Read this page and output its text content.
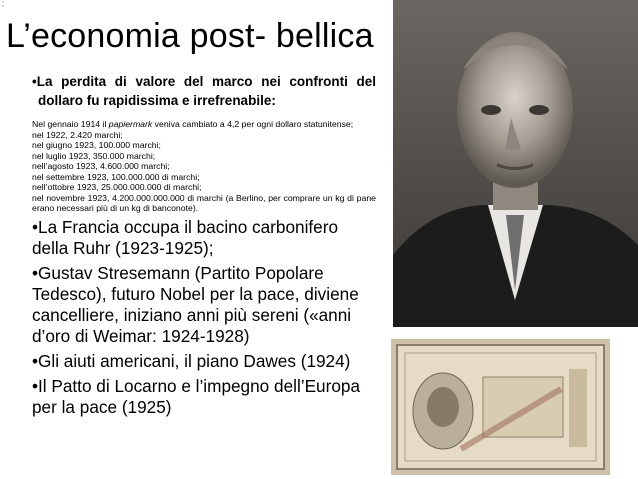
:
L’economia post- bellica

•La perdita di valore del marco nei confronti del dollaro fu rapidissima e irrefrenabile:

Nel gennaio 1914 il papiermark veniva cambiato a 4,2 per ogni dollaro statunitense;
nel 1922, 2.420 marchi;
nel giugno 1923, 100.000 marchi;
nel luglio 1923, 350.000 marchi;
nell’agosto 1923, 4.600.000 marchi;
nel settembre 1923, 100.000.000 di marchi;
nell’ottobre 1923, 25.000.000.000 di marchi;
nel novembre 1923, 4.200.000.000.000 di marchi (a Berlino, per comprare un kg di pane erano necessari più di un kg di banconote).
•La Francia occupa il bacino carbonifero della Ruhr (1923-1925);
•Gustav Stresemann (Partito Popolare Tedesco), futuro Nobel per la pace, diviene cancelliere, iniziano anni più sereni («anni d’oro di Weimar: 1924-1928)
•Gli aiuti americani, il piano Dawes (1924)
•Il Patto di Locarno e l’impegno dell’Europa per la pace (1925)
